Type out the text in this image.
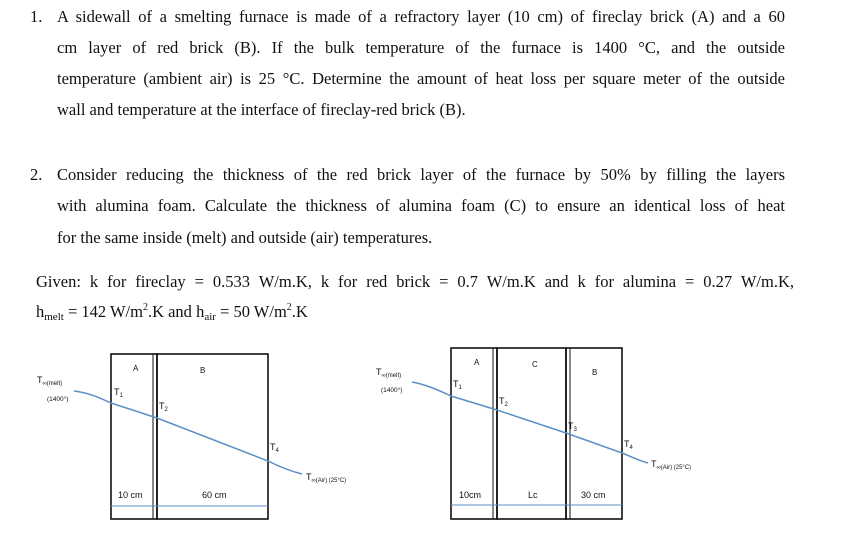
1. A sidewall of a smelting furnace is made of a refractory layer (10 cm) of fireclay brick (A) and a 60
cm layer of red brick (B). If the bulk temperature of the furnace is 1400 °C, and the outside
temperature (ambient air) is 25 °C. Determine the amount of heat loss per square meter of the outside
wall and temperature at the interface of fireclay-red brick (B).
2. Consider reducing the thickness of the red brick layer of the furnace by 50% by filling the layers
with alumina foam. Calculate the thickness of alumina foam (C) to ensure an identical loss of heat
for the same inside (melt) and outside (air) temperatures.
Given: k for fireclay = 0.533 W/m.K, k for red brick = 0.7 W/m.K and k for alumina = 0.27 W/m.K,
$h_{melt} = 142$ $W/m^2.K$ and $h_{air} = 50$ $W/m^2.K$
A	B
$T_{\infty(melt)}$
(1400°)
$T_1$
$T_2$
$T_4$
$T_{\infty(Air) (25^\circ C)}$
10 cm	60 cm
A	C
B
$T_{\infty(melt)}$
(1400°)
$T_1$
$T_2$
$T_3$
$T_4$
$T_{\infty(Air) (25^\circ C)}$
10cm	Lc	30 cm
